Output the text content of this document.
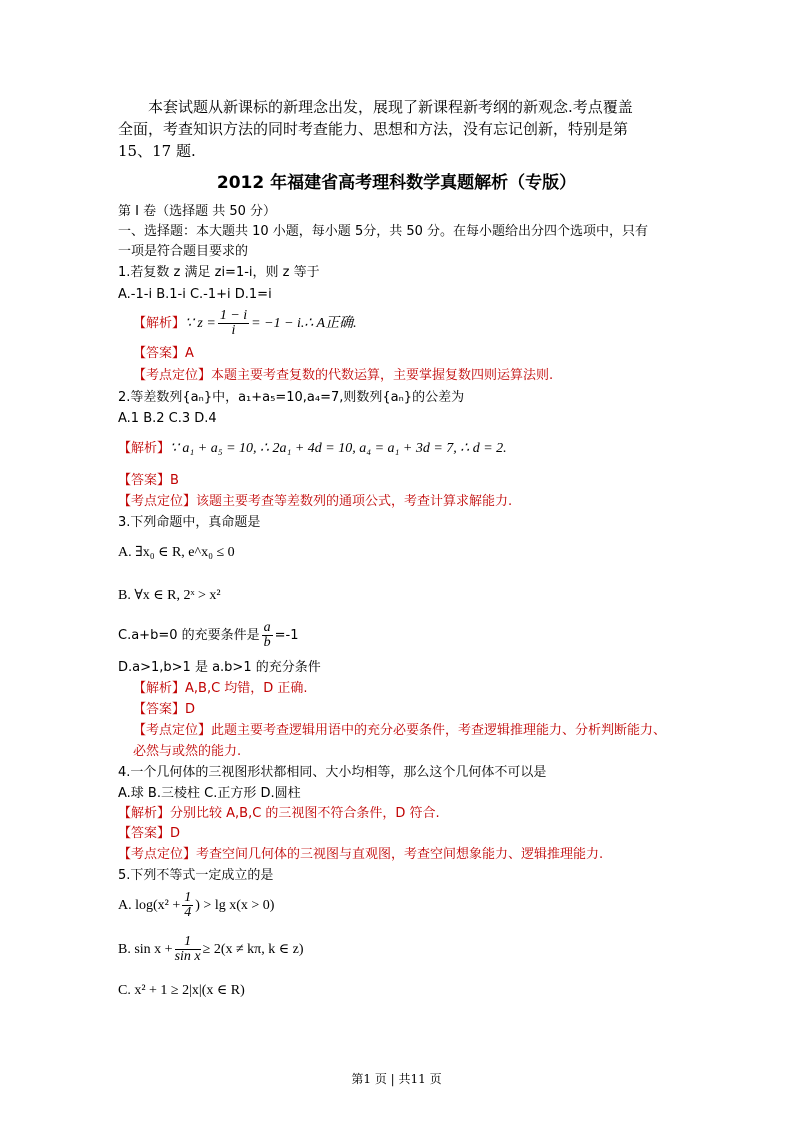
本套试题从新课标的新理念出发，展现了新课程新考纲的新观念.考点覆盖
全面，考查知识方法的同时考查能力、思想和方法，没有忘记创新，特别是第
15、17 题.
2012 年福建省高考理科数学真题解析（专版）
第 I 卷（选择题 共 50 分）
一、选择题：本大题共 10 小题，每小题 5分，共 50 分。在每小题给出分四个选项中，只有
一项是符合题目要求的
1.若复数 z 满足 zi=1-i，则 z 等于
A.-1-i B.1-i C.-1+i D.1=i
【解析】∵ $z = \frac{1 - i}{i} = -1$ − i.∴ A正确.
【答案】A
【考点定位】本题主要考查复数的代数运算，主要掌握复数四则运算法则.
2.等差数列{aₙ}中，a₁+a₅=10,a₄=7,则数列{aₙ}的公差为
A.1 B.2 C.3 D.4
【解析】∵ a₁ + a₅ = 10, ∴ 2a₁ + 4d = 10, a₄ = a₁ + 3d = 7, ∴ d = 2.
【答案】B
【考点定位】该题主要考查等差数列的通项公式，考查计算求解能力.
3.下列命题中，真命题是
A. ∃x₀ ∈ R, e^x₀ ≤ 0
B. ∀x ∈ R, 2ˣ > x²
C.a+b=0 的充要条件是 $\frac{a}{b} =-1$
D.a>1,b>1 是 a.b>1 的充分条件
【解析】A,B,C 均错，D 正确.
【答案】D
【考点定位】此题主要考查逻辑用语中的充分必要条件，考查逻辑推理能力、分析判断能力、
必然与或然的能力.
4.一个几何体的三视图形状都相同、大小均相等，那么这个几何体不可以是
A.球 B.三棱柱 C.正方形 D.圆柱
【解析】分别比较 A,B,C 的三视图不符合条件，D 符合.
【答案】D
【考点定位】考查空间几何体的三视图与直观图，考查空间想象能力、逻辑推理能力.
5.下列不等式一定成立的是
A. $\log(x^2 + \frac{1}{4}$ ) > lg x(x > 0)
B. $\sin x + \frac{1}{\text{sin x}} \ge 2(x \ne k\pi$, k ∈ z)
C. x² + 1 ≥ 2|x|(x ∈ R)
第1 页 | 共11 页
